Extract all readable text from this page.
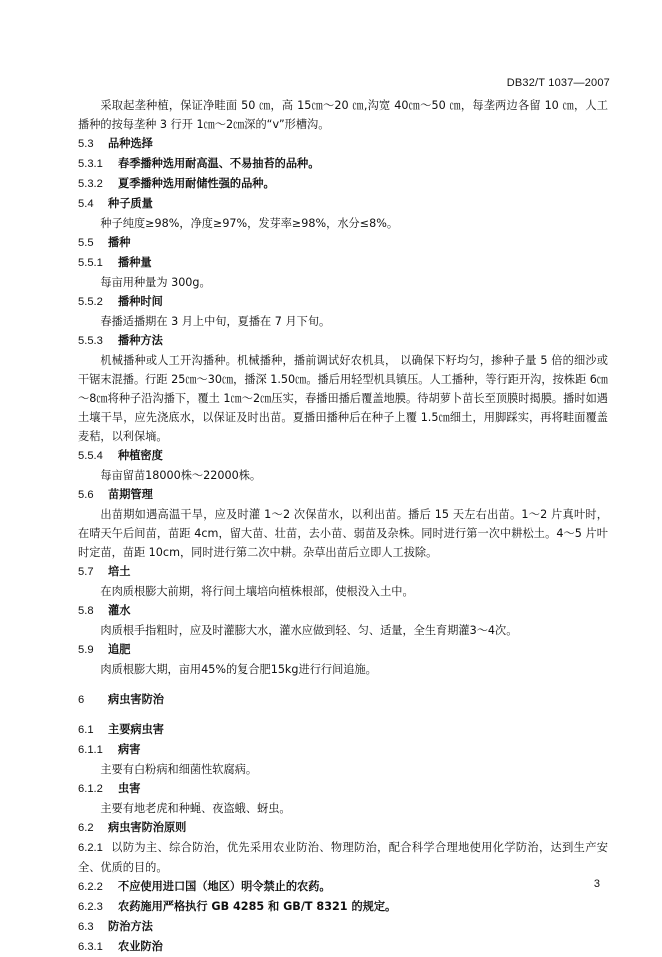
DB32/T 1037—2007

采取起垄种植，保证净畦面 50 ㎝，高 15㎝～20 ㎝,沟宽 40㎝～50 ㎝，每垄两边各留 10 ㎝，人工播种的按每垄种 3 行开 1㎝～2㎝深的“v”形槽沟。

5.3 品种选择
5.3.1 春季播种选用耐高温、不易抽苔的品种。
5.3.2 夏季播种选用耐储性强的品种。
5.4 种子质量

种子纯度≥98%，净度≥97%，发芽率≥98%，水分≤8%。

5.5 播种
5.5.1 播种量

每亩用种量为 300g。

5.5.2 播种时间

春播适播期在 3 月上中旬，夏播在 7 月下旬。

5.5.3 播种方法

机械播种或人工开沟播种。机械播种，播前调试好农机具， 以确保下籽均匀，掺种子量 5 倍的细沙或干锯末混播。行距 25㎝～30㎝，播深 1.50㎝。播后用轻型机具镇压。人工播种，等行距开沟，按株距 6㎝～8㎝将种子沿沟播下，覆土 1㎝～2㎝压实，春播田播后覆盖地膜。待胡萝卜苗长至顶膜时揭膜。播时如遇土壤干旱，应先浇底水，以保证及时出苗。夏播田播种后在种子上覆 1.5㎝细土，用脚踩实，再将畦面覆盖麦秸，以利保墒。

5.5.4 种植密度

每亩留苗18000株～22000株。

5.6 苗期管理

出苗期如遇高温干旱，应及时灌 1～2 次保苗水，以利出苗。播后 15 天左右出苗。1～2 片真叶时，在晴天午后间苗，苗距 4cm，留大苗、壮苗，去小苗、弱苗及杂株。同时进行第一次中耕松土。4～5 片叶时定苗，苗距 10cm，同时进行第二次中耕。杂草出苗后立即人工拔除。

5.7 培土

在肉质根膨大前期，将行间土壤培向植株根部，使根没入土中。

5.8 灌水

肉质根手指粗时，应及时灌膨大水，灌水应做到轻、匀、适量，全生育期灌3～4次。

5.9 追肥

肉质根膨大期，亩用45%的复合肥15kg进行行间追施。

6 病虫害防治
6.1 主要病虫害
6.1.1 病害

主要有白粉病和细菌性软腐病。

6.1.2 虫害

主要有地老虎和种蝇、夜盗蛾、蚜虫。

6.2 病虫害防治原则

6.2.1 以防为主、综合防治，优先采用农业防治、物理防治，配合科学合理地使用化学防治，达到生产安全、优质的目的。

6.2.2 不应使用进口国（地区）明令禁止的农药。
6.2.3 农药施用严格执行 GB 4285 和 GB/T 8321 的规定。
6.3 防治方法
6.3.1 农业防治
3
